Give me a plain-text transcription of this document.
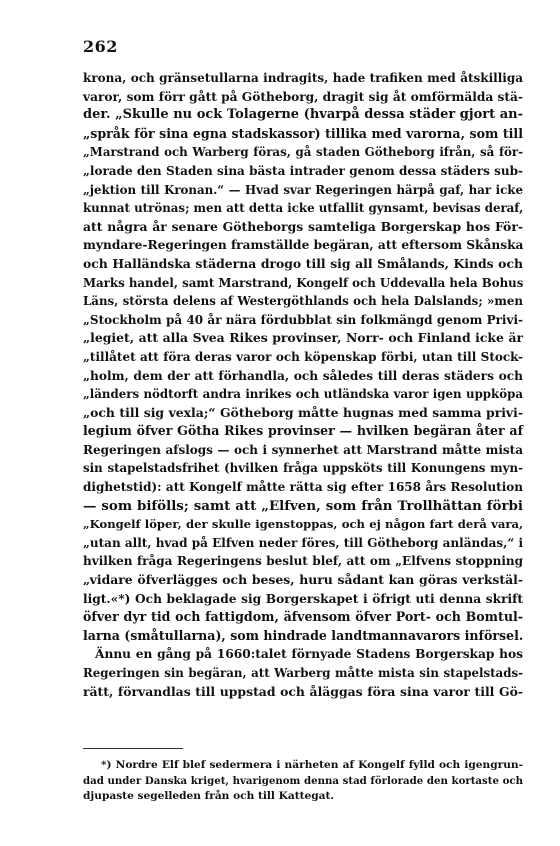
262
krona, och gränsetullarna indragits, hade trafiken med åtskilliga
varor, som förr gått på Götheborg, dragit sig åt omförmälda stä-
der. „Skulle nu ock Tolagerne (hvarpå dessa städer gjort an-
„språk för sina egna stadskassor) tillika med varorna, som till
„Marstrand och Warberg föras, gå staden Götheborg ifrån, så för-
„lorade den Staden sina bästa intrader genom dessa städers sub-
„jektion till Kronan.“ — Hvad svar Regeringen härpå gaf, har icke
kunnat utrönas; men att detta icke utfallit gynsamt, bevisas deraf,
att några år senare Götheborgs samteliga Borgerskap hos För-
myndare-Regeringen framställde begäran, att eftersom Skånska
och Halländska städerna drogo till sig all Smålands, Kinds och
Marks handel, samt Marstrand, Kongelf och Uddevalla hela Bohus
Läns, största delens af Westergöthlands och hela Dalslands; »men
„Stockholm på 40 år nära fördubblat sin folkmängd genom Privi-
„legiet, att alla Svea Rikes provinser, Norr- och Finland icke är
„tillåtet att föra deras varor och köpenskap förbi, utan till Stock-
„holm, dem der att förhandla, och således till deras städers och
„länders nödtorft andra inrikes och utländska varor igen uppköpa
„och till sig vexla;“ Götheborg måtte hugnas med samma privi-
legium öfver Götha Rikes provinser — hvilken begäran åter af
Regeringen afslogs — och i synnerhet att Marstrand måtte mista
sin stapelstadsfrihet (hvilken fråga uppsköts till Konungens myn-
dighetstid): att Kongelf måtte rätta sig efter 1658 års Resolution
— som bifölls; samt att „Elfven, som från Trollhättan förbi
„Kongelf löper, der skulle igenstoppas, och ej någon fart derå vara,
„utan allt, hvad på Elfven neder föres, till Götheborg anländas,“ i
hvilken fråga Regeringens beslut blef, att om „Elfvens stoppning
„vidare öfverlägges och beses, huru sådant kan göras verkstäl-
ligt.«*) Och beklagade sig Borgerskapet i öfrigt uti denna skrift
öfver dyr tid och fattigdom, äfvensom öfver Port- och Bomtul-
larna (småtullarna), som hindrade landtmannavarors införsel.
Ännu en gång på 1660:talet förnyade Stadens Borgerskap hos
Regeringen sin begäran, att Warberg måtte mista sin stapelstads-
rätt, förvandlas till uppstad och åläggas föra sina varor till Gö-
*) Nordre Elf blef sedermera i närheten af Kongelf fylld och igengrun-
dad under Danska kriget, hvarigenom denna stad förlorade den kortaste och
djupaste segelleden från och till Kattegat.
